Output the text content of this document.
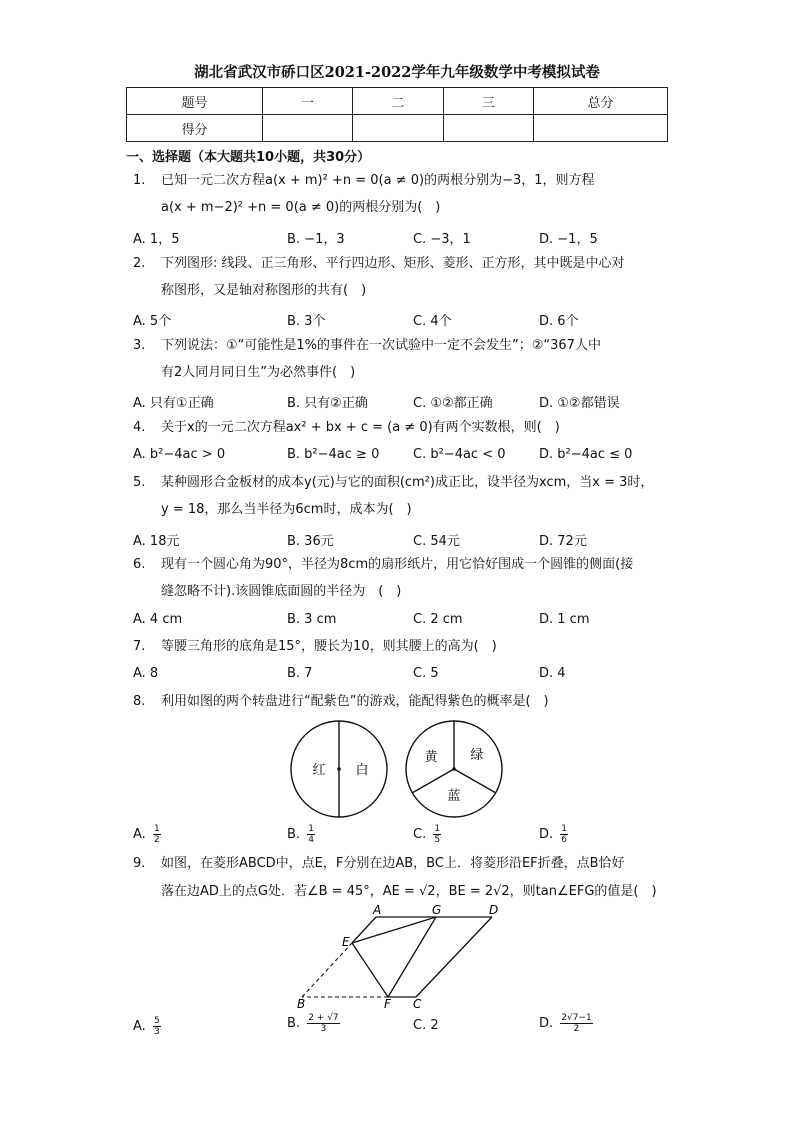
湖北省武汉市硚口区2021-2022学年九年级数学中考模拟试卷
题号	一	二	三	总分
得分				
一、选择题（本大题共10小题，共30分）
1. 已知一元二次方程a(x + m)² +n = 0(a ≠ 0)的两根分别为−3，1，则方程
a(x + m−2)² +n = 0(a ≠ 0)的两根分别为(　)
A. 1，5	B. −1，3	C. −3，1	D. −1，5
2. 下列图形: 线段、正三角形、平行四边形、矩形、菱形、正方形，其中既是中心对
称图形，又是轴对称图形的共有(　)
A. 5个	B. 3个	C. 4个	D. 6个
3. 下列说法：①“可能性是1%的事件在一次试验中一定不会发生”；②“367人中
有2人同月同日生”为必然事件(　)
A. 只有①正确	B. 只有②正确	C. ①②都正确	D. ①②都错误
4. 关于x的一元二次方程ax² + bx + c = (a ≠ 0)有两个实数根，则(　)
A. b²−4ac > 0	B. b²−4ac ≥ 0	C. b²−4ac < 0	D. b²−4ac ≤ 0
5. 某种圆形合金板材的成本y(元)与它的面积(cm²)成正比，设半径为xcm，当x = 3时，
y = 18，那么当半径为6cm时，成本为(　)
A. 18元	B. 36元	C. 54元	D. 72元
6. 现有一个圆心角为90°，半径为8cm的扇形纸片，用它恰好围成一个圆锥的侧面(接
缝忽略不计).该圆锥底面圆的半径为　(　)
A. 4 cm	B. 3 cm	C. 2 cm	D. 1 cm
7. 等腰三角形的底角是15°，腰长为10，则其腰上的高为(　)
A. 8	B. 7	C. 5	D. 4
8. 利用如图的两个转盘进行“配紫色”的游戏，能配得紫色的概率是(　)
红 白
黄	绿
蓝
A. $\frac{1}{2}$	B. $\frac{1}{4}$	C. $\frac{1}{5}$	D. $\frac{1}{6}$
9. 如图，在菱形ABCD中，点E，F分别在边AB，BC上．将菱形沿EF折叠，点B恰好
落在边AD上的点G处．若∠B = 45°，AE = √2，BE = 2√2，则tan∠EFG的值是(　)
A	G	D
E
B	F C
A. $\frac{5}{3}$	B. $\frac{2 + √7}{3}$	C. 2	D. $\frac{2√7-1}{2}$
